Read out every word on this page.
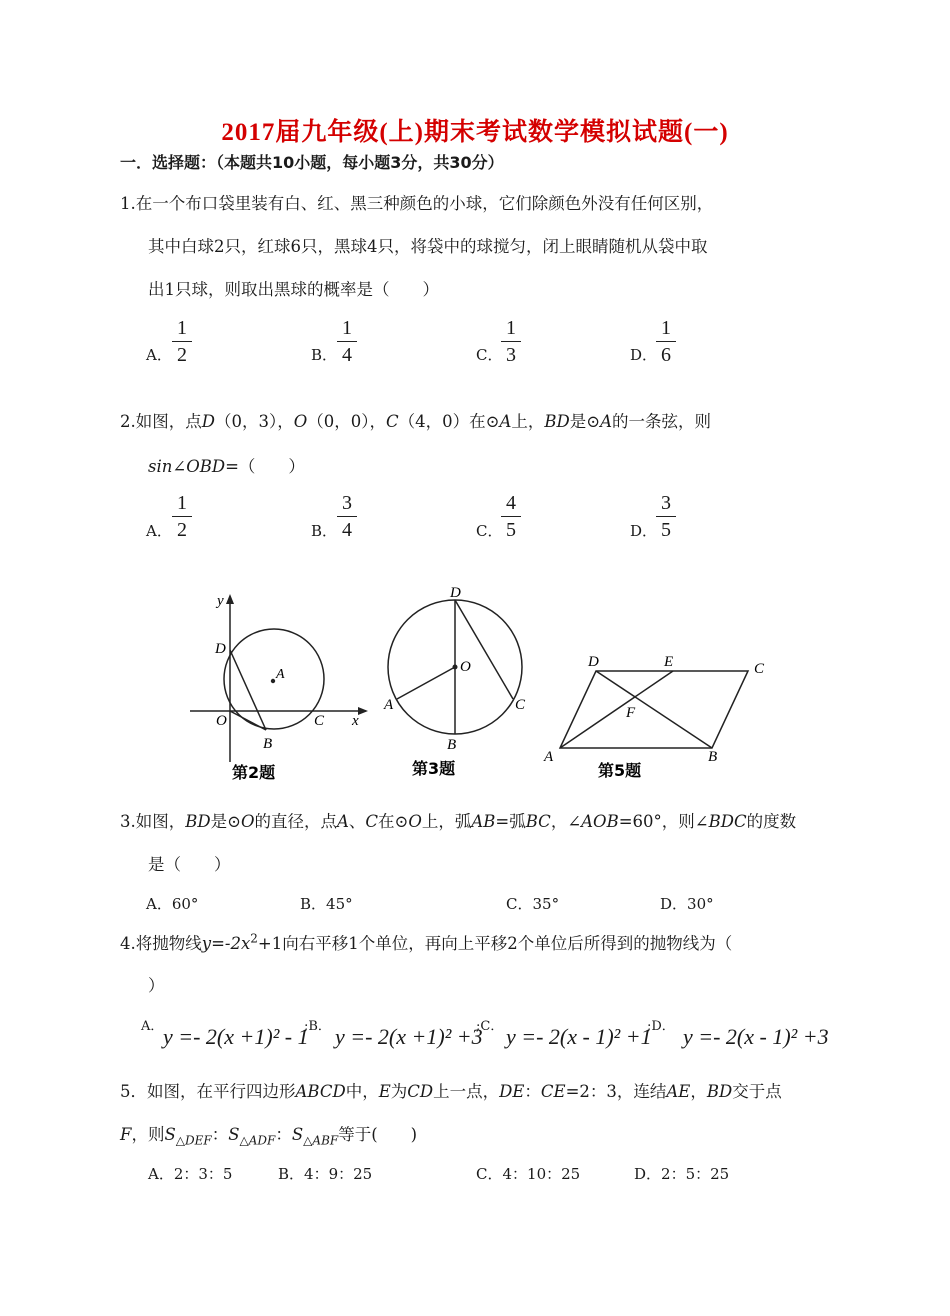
2017届九年级(上)期末考试数学模拟试题(一)
一．选择题：（本题共10小题，每小题3分，共30分）
1.在一个布口袋里装有白、红、黑三种颜色的小球，它们除颜色外没有任何区别，
其中白球2只，红球6只，黑球4只，将袋中的球搅匀，闭上眼睛随机从袋中取
出1只球，则取出黑球的概率是（　　）
A．
1
2	B．
1
4	C．
1
3	D．
1
6
2.如图，点D（0，3），O（0，0），C（4，0）在⊙A上，BD是⊙A的一条弦，则
sin∠OBD=（　　）
A．
1
2	B．
3
4	C．
4
5	D．
3
5
y
x
D
A
O
B
C
第2题
D
O
A	C
B
第3题
D	E	C
F
A	B
第5题
3.如图，BD是⊙O的直径，点A、C在⊙O上，弧AB=弧BC，∠AOB=60°，则∠BDC的度数
是（　　）
A．60°	B．45°	C．35°	D．30°
4.将抛物线$y=-2x^2+1$向右平移1个单位，再向上平移2个单位后所得到的抛物线为（
）
A． y =- 2(x +1)² - 1
;B． y =- 2(x +1)² +3
;C． y =- 2(x - 1)² +1
;D． y =- 2(x - 1)² +3
5．如图，在平行四边形ABCD中，E为CD上一点，DE：CE=2：3，连结AE，BD交于点
F，则$S_{\triangle DEF}$：$S_{\triangle ADF}$：$S_{\triangle ABF}$等于(　　)
A．2：3：5	B．4：9：25	C．4：10：25	D．2：5：25
